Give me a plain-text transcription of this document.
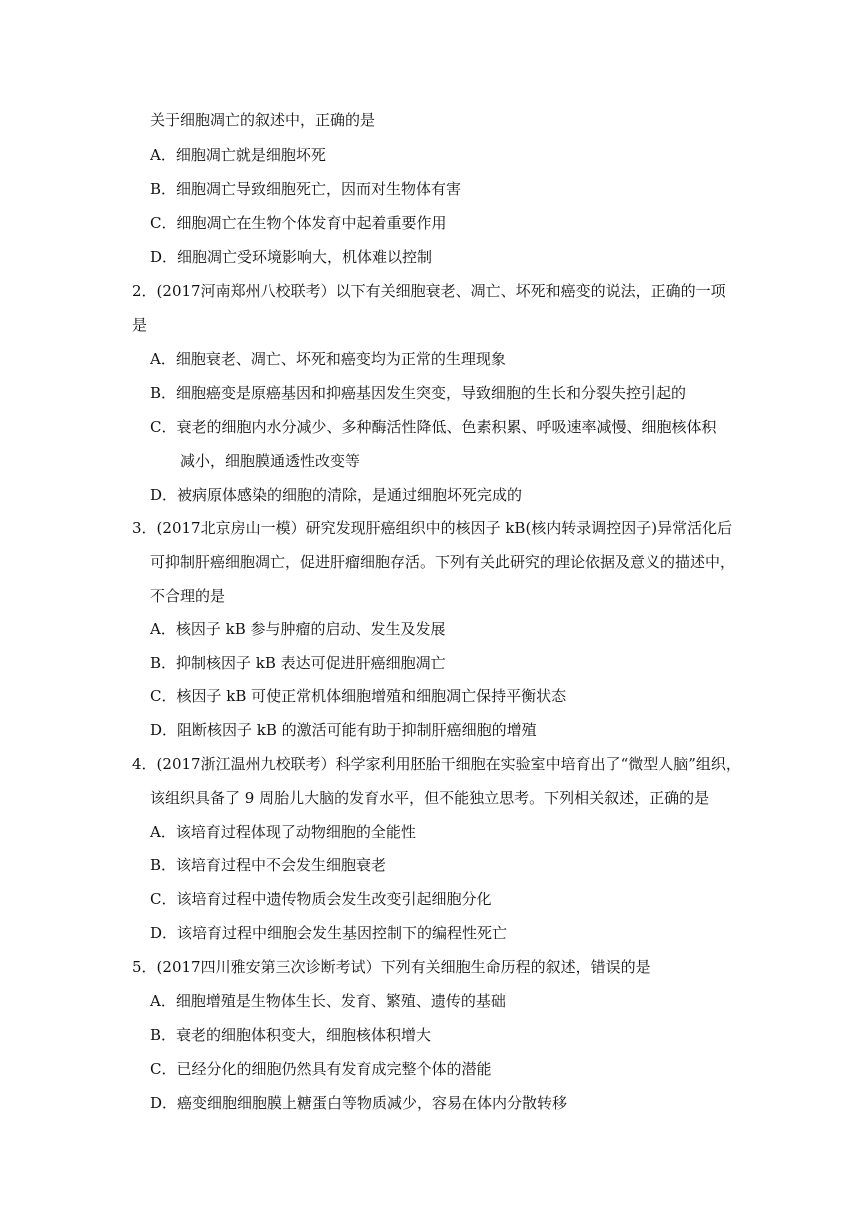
关于细胞凋亡的叙述中，正确的是
A．细胞凋亡就是细胞坏死
B．细胞凋亡导致细胞死亡，因而对生物体有害
C．细胞凋亡在生物个体发育中起着重要作用
D．细胞凋亡受环境影响大，机体难以控制
2．(2017河南郑州八校联考）以下有关细胞衰老、凋亡、坏死和癌变的说法，正确的一项
是
A．细胞衰老、凋亡、坏死和癌变均为正常的生理现象
B．细胞癌变是原癌基因和抑癌基因发生突变，导致细胞的生长和分裂失控引起的
C．衰老的细胞内水分减少、多种酶活性降低、色素积累、呼吸速率减慢、细胞核体积
减小，细胞膜通透性改变等
D．被病原体感染的细胞的清除，是通过细胞坏死完成的
3．(2017北京房山一模）研究发现肝癌组织中的核因子 kB(核内转录调控因子)异常活化后
可抑制肝癌细胞凋亡，促进肝瘤细胞存活。下列有关此研究的理论依据及意义的描述中，
不合理的是
A．核因子 kB 参与肿瘤的启动、发生及发展
B．抑制核因子 kB 表达可促进肝癌细胞凋亡
C．核因子 kB 可使正常机体细胞增殖和细胞凋亡保持平衡状态
D．阻断核因子 kB 的激活可能有助于抑制肝癌细胞的增殖
4．(2017浙江温州九校联考）科学家利用胚胎干细胞在实验室中培育出了“微型人脑”组织，
该组织具备了 9 周胎儿大脑的发育水平，但不能独立思考。下列相关叙述，正确的是
A．该培育过程体现了动物细胞的全能性
B．该培育过程中不会发生细胞衰老
C．该培育过程中遗传物质会发生改变引起细胞分化
D．该培育过程中细胞会发生基因控制下的编程性死亡
5．(2017四川雅安第三次诊断考试）下列有关细胞生命历程的叙述，错误的是
A．细胞增殖是生物体生长、发育、繁殖、遗传的基础
B．衰老的细胞体积变大，细胞核体积增大
C．已经分化的细胞仍然具有发育成完整个体的潜能
D．癌变细胞细胞膜上糖蛋白等物质减少，容易在体内分散转移
